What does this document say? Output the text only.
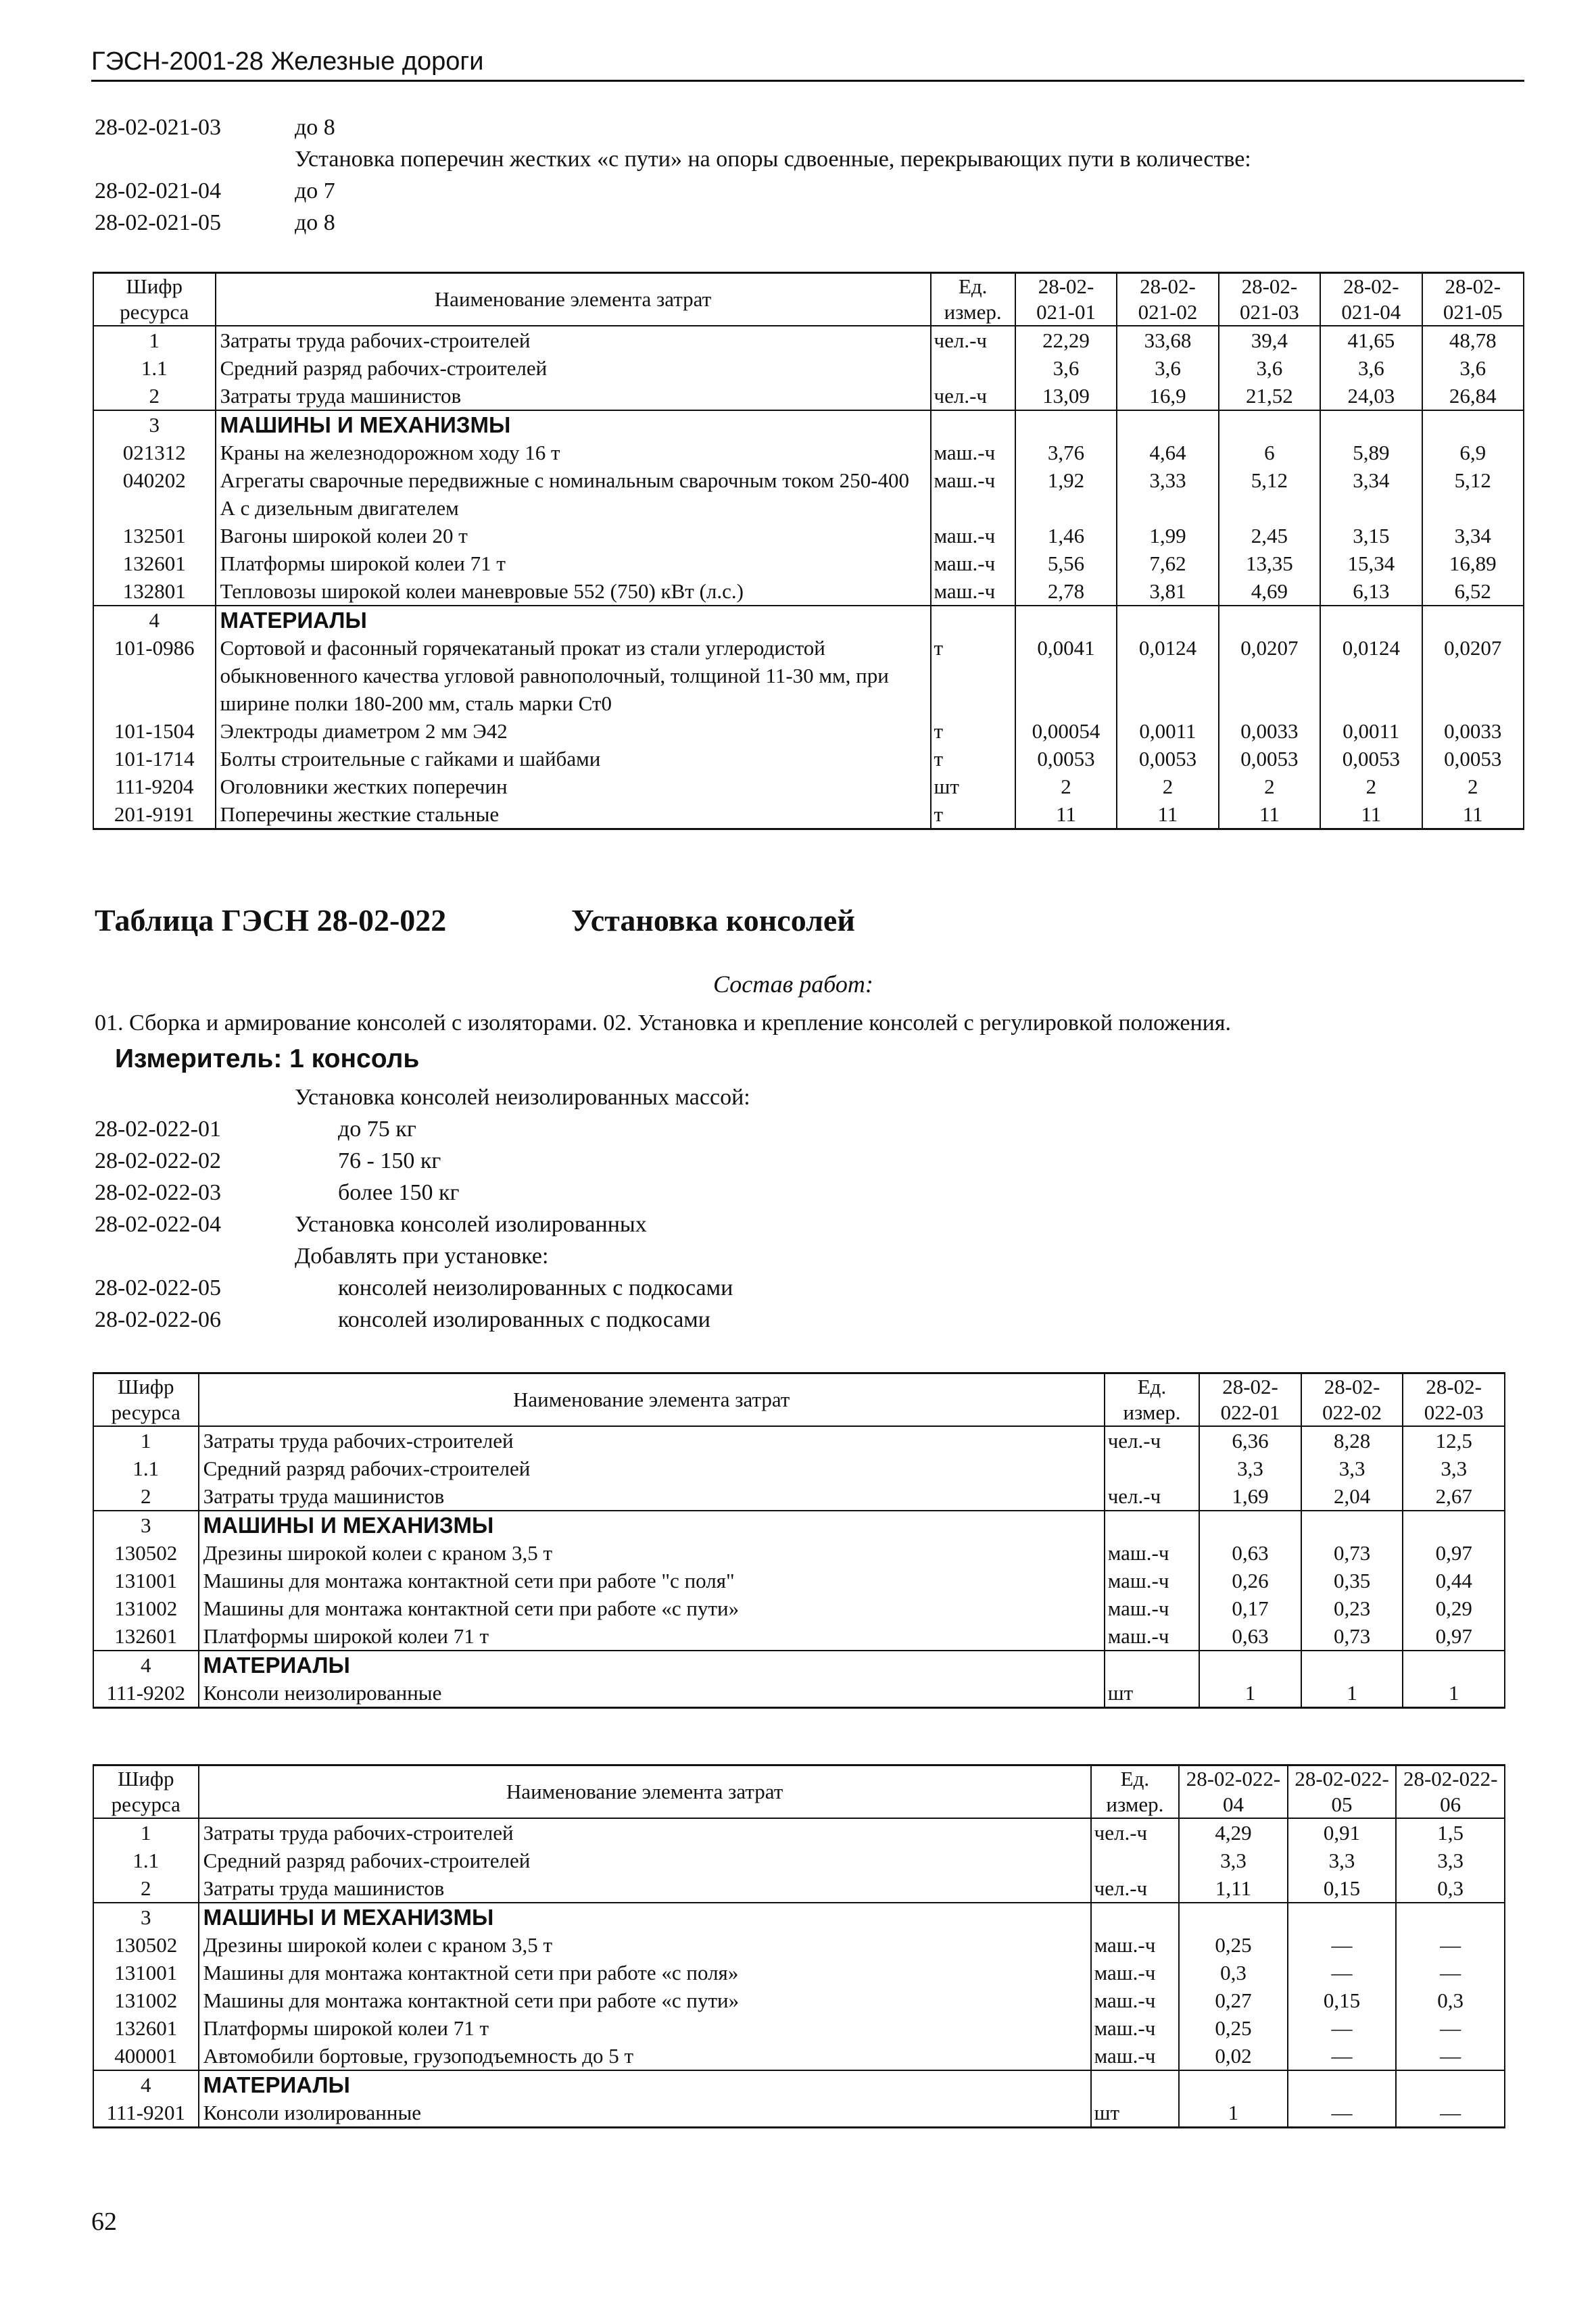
ГЭСН-2001-28 Железные дороги
28-02-021-03	до 8
Установка поперечин жестких «с пути» на опоры сдвоенные, перекрывающих пути в количестве:
28-02-021-04	до 7
28-02-021-05	до 8
Шифр ресурса	Наименование элемента затрат	Ед. измер.	28-02-021-01	28-02-021-02	28-02-021-03	28-02-021-04	28-02-021-05
1	Затраты труда рабочих-строителей	чел.-ч	22,29	33,68	39,4	41,65	48,78
1.1	Средний разряд рабочих-строителей		3,6	3,6	3,6	3,6	3,6
2	Затраты труда машинистов	чел.-ч	13,09	16,9	21,52	24,03	26,84
3	МАШИНЫ И МЕХАНИЗМЫ						
021312	Краны на железнодорожном ходу 16 т	маш.-ч	3,76	4,64	6	5,89	6,9
040202	Агрегаты сварочные передвижные с номинальным сварочным током 250-400 А с дизельным двигателем	маш.-ч	1,92	3,33	5,12	3,34	5,12
132501	Вагоны широкой колеи 20 т	маш.-ч	1,46	1,99	2,45	3,15	3,34
132601	Платформы широкой колеи 71 т	маш.-ч	5,56	7,62	13,35	15,34	16,89
132801	Тепловозы широкой колеи маневровые 552 (750) кВт (л.с.)	маш.-ч	2,78	3,81	4,69	6,13	6,52
4	МАТЕРИАЛЫ						
101-0986	Сортовой и фасонный горячекатаный прокат из стали углеродистой обыкновенного качества угловой равнополочный, толщиной 11-30 мм, при ширине полки 180-200 мм, сталь марки Ст0	т	0,0041	0,0124	0,0207	0,0124	0,0207
101-1504	Электроды диаметром 2 мм Э42	т	0,00054	0,0011	0,0033	0,0011	0,0033
101-1714	Болты строительные с гайками и шайбами	т	0,0053	0,0053	0,0053	0,0053	0,0053
111-9204	Оголовники жестких поперечин	шт	2	2	2	2	2
201-9191	Поперечины жесткие стальные	т	11	11	11	11	11
Таблица ГЭСН 28-02-022	Установка консолей
Состав работ:
01. Сборка и армирование консолей с изоляторами. 02. Установка и крепление консолей с регулировкой положения.
Измеритель: 1 консоль
Установка консолей неизолированных массой:
28-02-022-01	до 75 кг
28-02-022-02	76 - 150 кг
28-02-022-03	более 150 кг
28-02-022-04	Установка консолей изолированных
Добавлять при установке:
28-02-022-05	консолей неизолированных с подкосами
28-02-022-06	консолей изолированных с подкосами
Шифр ресурса	Наименование элемента затрат	Ед. измер.	28-02-022-01	28-02-022-02	28-02-022-03
1	Затраты труда рабочих-строителей	чел.-ч	6,36	8,28	12,5
1.1	Средний разряд рабочих-строителей		3,3	3,3	3,3
2	Затраты труда машинистов	чел.-ч	1,69	2,04	2,67
3	МАШИНЫ И МЕХАНИЗМЫ				
130502	Дрезины широкой колеи с краном 3,5 т	маш.-ч	0,63	0,73	0,97
131001	Машины для монтажа контактной сети при работе "с поля"	маш.-ч	0,26	0,35	0,44
131002	Машины для монтажа контактной сети при работе «с пути»	маш.-ч	0,17	0,23	0,29
132601	Платформы широкой колеи 71 т	маш.-ч	0,63	0,73	0,97
4	МАТЕРИАЛЫ				
111-9202	Консоли неизолированные	шт	1	1	1
Шифр ресурса	Наименование элемента затрат	Ед. измер.	28-02-022-04	28-02-022-05	28-02-022-06
1	Затраты труда рабочих-строителей	чел.-ч	4,29	0,91	1,5
1.1	Средний разряд рабочих-строителей		3,3	3,3	3,3
2	Затраты труда машинистов	чел.-ч	1,11	0,15	0,3
3	МАШИНЫ И МЕХАНИЗМЫ				
130502	Дрезины широкой колеи с краном 3,5 т	маш.-ч	0,25	—	—
131001	Машины для монтажа контактной сети при работе «с поля»	маш.-ч	0,3	—	—
131002	Машины для монтажа контактной сети при работе «с пути»	маш.-ч	0,27	0,15	0,3
132601	Платформы широкой колеи 71 т	маш.-ч	0,25	—	—
400001	Автомобили бортовые, грузоподъемность до 5 т	маш.-ч	0,02	—	—
4	МАТЕРИАЛЫ				
111-9201	Консоли изолированные	шт	1	—	—
62
